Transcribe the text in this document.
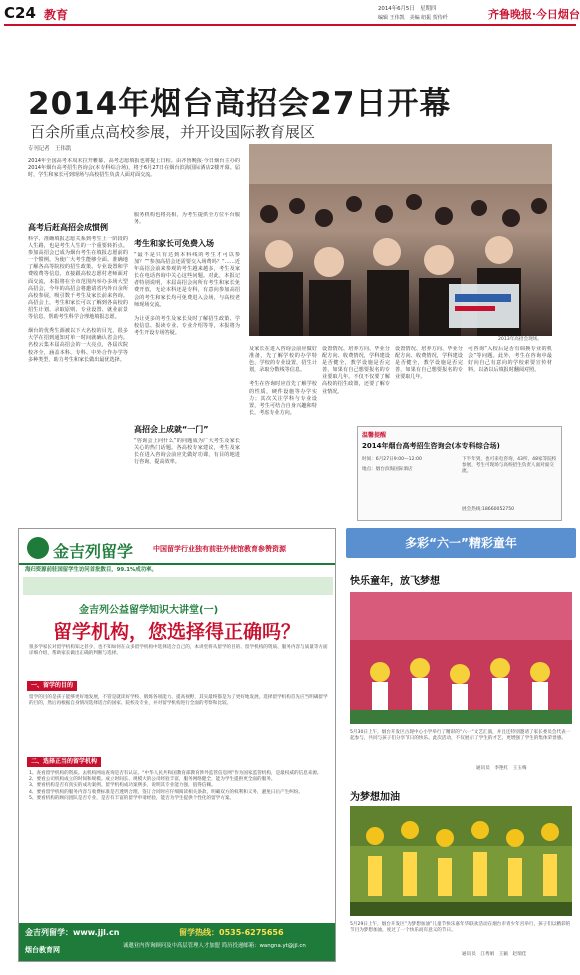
C24 教育	2014年6月5日　星期四
编辑 王伟凯　美编 纽振 贺侍纤	齐鲁晚报·今日烟台
2014年烟台高招会27日开幕
百余所重点高校参展，并开设国际教育展区
专刊记者　王伟凯
2014年全国高考本周末拉开帷幕，高考志愿填报也将提上日程。由齐鲁晚报·今日烟台主办的2014年烟台高考招生咨询会(本专科综合场)，将于6月27日在烟台滨海国际酒店2楼开幕。届时，学生和家长可到现场与高校招生负责人面对面交流。
高考后赶高招会成惯例
科学、准确填报志愿关系到考生上一阶段的人生路，也是考生人生的一个重要转折点。参加高招会已成为烟台考生在填报志愿前的一个惯例。为使广大考生能够全面、准确地了解各高等院校的招生政策、专业设置和学费收费等信息，直接跟高校志愿村老师面对面交流，本报将在全市范围内举办多场大型高招会，今年的高招会将邀请省内外百余所高校参展，吸引数千考生及家长前来咨询。高招会上，考生和家长可以了解到各高校的招生计划、录取原则、专业设置、就业前景等信息，帮助考生科学合理地填报志愿。

烟台的优秀生源被以下大名校的目光，很多大学在招到通知对单一时间就确认省会内。名校云集本届高招会的一大亮点，各届次院校齐全，涵盖本科、专科、中外合作办学等多种类型，助力考生和家长做出最优选择。
服务机构也将亮相，为考生提供全方位平台服务。
考生和家长可免费入场
“最不是只有达到本科线的考生才可以参加？”“参加高招会还需要交入场费吗？”……近年高招会前来参观的考生越来越多，考生及家长在电话咨询中关心这些问题。对此，本报记者特别说明，本届高招会向所有考生和家长免费开放，无论本科还是专科，有意向参加高招会的考生和家长均可免费进入会场，与高校老师现场交流。

为让更多的考生及家长及时了解招生政策、学校信息、报读专业、专业介绍等等，本报将为考生开设专场答疑。
高招会上成就“一门”
“咨询会上问什么”的问题成为广大考生及家长关心的热门话题。各高校专家建议，考生及家长在进入咨询会前应先做好功课，有目的地进行咨询，提高效率。
2013年高招会现场。
及家长在进入咨询会前应做好准备，先了解学校的办学特色，学校的专业设置，招生计划，录取分数线等信息。

考生在咨询时应首先了解学校的性质，硬件设施等办学实力；其次关注学科与专业设置，考生可结合自身兴趣和特长，考虑专业方向。
设置情况、培养方向、毕业分配方向、收费情况，学科建设是否健全，教学设施是否完善，如果有自己想要报名的专业要取几年。不仅不仅要了解高校的招生政策，还要了解专业情况。
设置情况、培养方向、毕业分配方向、收费情况，学科建设是否健全，教学设施是否完善，如果有自己想要报名的专业要取几年。
可咨询“入校后是否有调换专业的机会”等问题。此外，考生在咨询中最好向自己有意向的学校索要宣传材料，以备以后填报时翻阅对照。
温馨提醒
2014年烟台高考招生咨询会(本专科综合场)
时间：6月27日9:00—12:00
地点：烟台滨海国际酒店
下半年到，也可来电咨询，43所、48家等院校参展，考生可现场与高校招生负责人面对面交流。
展会热线:18660052750
金吉列留学	中国留学行业独有前驻外使馆教育参赞资源
海归资源前驻国留学生访问首批数目，99.1%成功率。
金吉列公益留学知识大讲堂(一)
留学机构，您选择得正确吗？
很多学家长对留学机构知之甚少，也不知如何在众多留学机构中选择适合自己的，本讲堂将从留学的目的、留学机构的资质、服务内容与质量等方面详细介绍，帮助家长做出正确的判断与选择。
一、留学的目的
留学的目的是孩子能够更好地发展，不管是就读好学校、锻炼各项能力、提高视野，其实最终都是为了更好地发展。选择留学机构首先应当明确留学的目的，然后再根据自身情况选择适合的国家、院校及专业，并对留学机构进行全面的考察和比较。
二、选择正当的留学机构
1、查看留学机构的资质。去机构网站查询是否有认证。“中华人民共和国教育部教育涉外监管信息网”作为国家监管机构，是最权威的信息来源。
2、要看公司机构成立的时间和规模。成立时间长、规模大的公司经验丰富，服务网络健全，能为学生提供更全面的服务。
3、要看机构是否有真实的成功案例。留学机构成功案例多，说明其专业能力强，值得信赖。
4、要看留学机构的服务内容与收费标准是否透明合理，签订合同时应仔细阅读相关条款，明确双方的权利和义务，避免日后产生纠纷。
5、要看机构的顾问团队是否专业，是否有丰富的留学申请经验，能否为学生提供个性化的留学方案。
金吉列留学：www.jjl.cn	留学热线：0535-6275656
烟台教育网	诚邀业内咨询顾问及中高层管理人才加盟 简历投递邮箱：wangna.yt@jjl.cn
多彩“六一”精彩童年
快乐童年，放飞梦想
5月30日上午，烟台开发区古现中心小学举行了精彩的“六一”文艺汇演，并且还特别邀请了家长委员会代表一起参与，共同与孩子们分享节日的快乐。此次活动，不仅展示了学生的才艺，更增强了学生的集体荣誉感。
通讯员　李艳红　王玉梅
为梦想加油
5月29日上午，烟台开发区“为梦想加油”儿童节快乐嘉年华联欢活动在烟台市青少年宫举行，孩子们以精彩的节目为梦想加油，度过了一个快乐而有意义的节日。
通讯员　江秀娟　王颖　赵瑞佳
